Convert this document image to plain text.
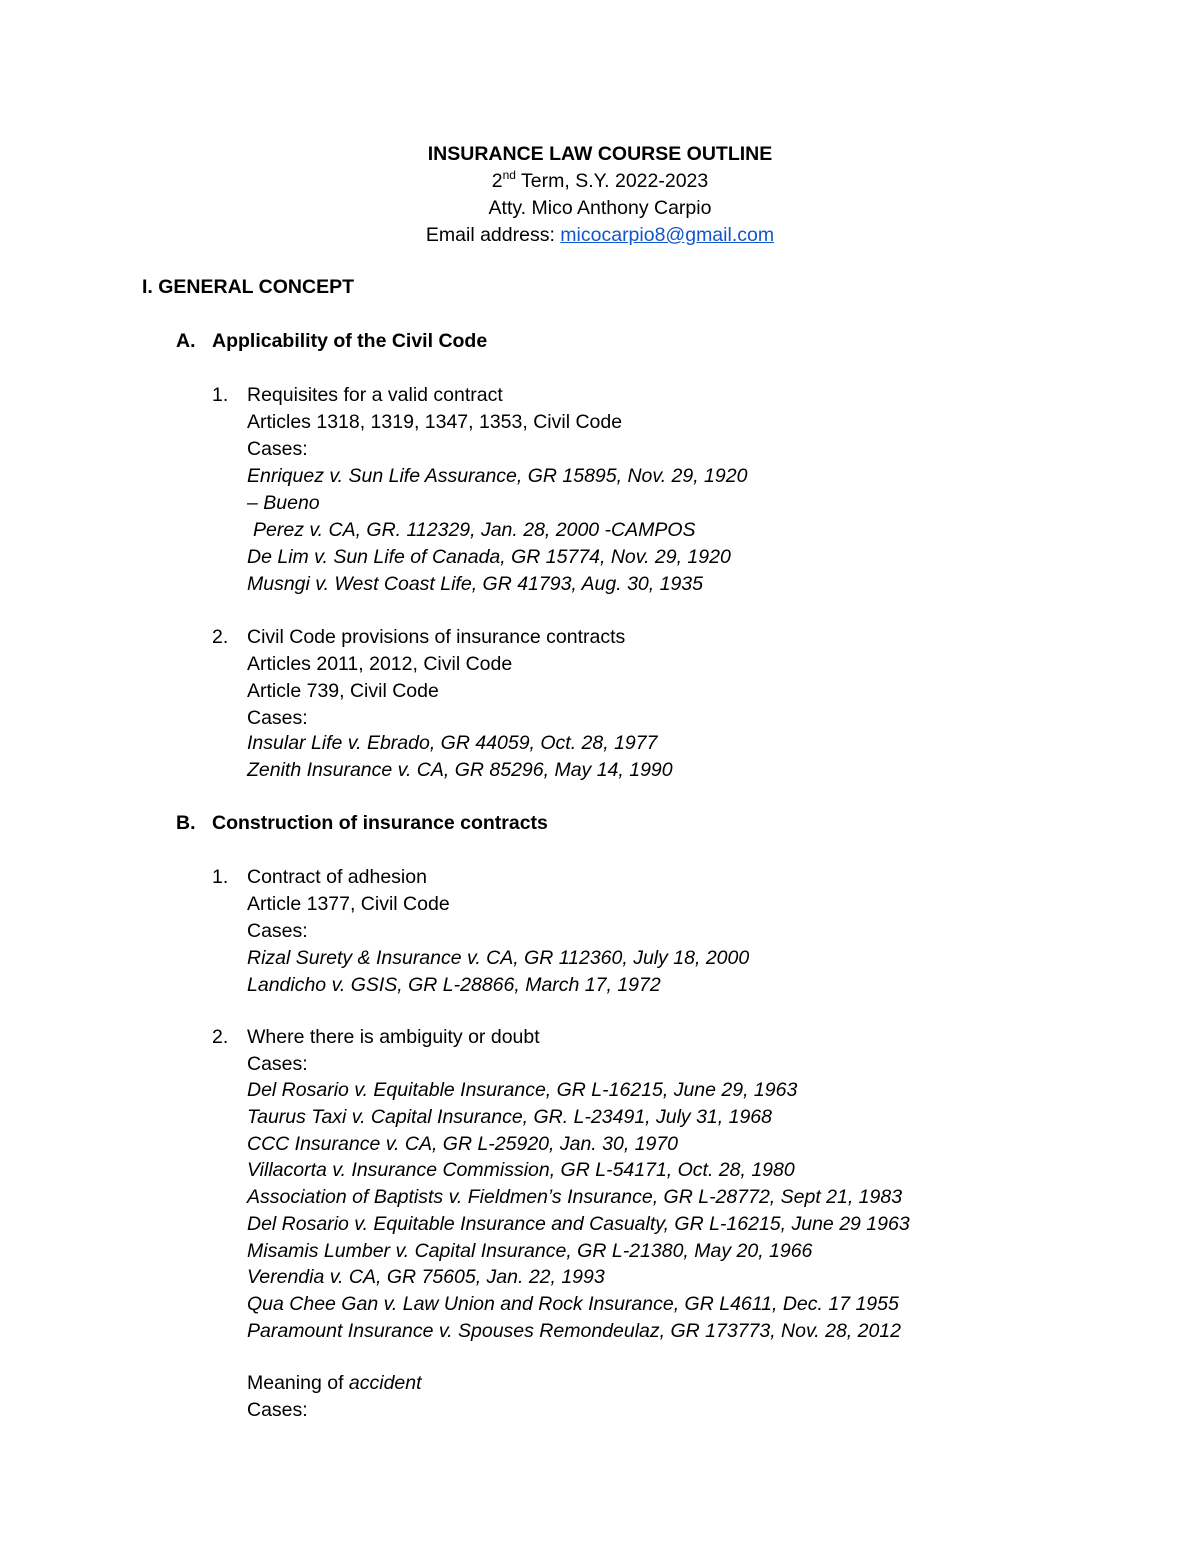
INSURANCE LAW COURSE OUTLINE
2nd Term, S.Y. 2022-2023
Atty. Mico Anthony Carpio
Email address: micocarpio8@gmail.com
I. GENERAL CONCEPT
A. Applicability of the Civil Code
1. Requisites for a valid contract
Articles 1318, 1319, 1347, 1353, Civil Code
Cases:
Enriquez v. Sun Life Assurance, GR 15895, Nov. 29, 1920
– Bueno
Perez v. CA, GR. 112329, Jan. 28, 2000 -CAMPOS
De Lim v. Sun Life of Canada, GR 15774, Nov. 29, 1920
Musngi v. West Coast Life, GR 41793, Aug. 30, 1935
2. Civil Code provisions of insurance contracts
Articles 2011, 2012, Civil Code
Article 739, Civil Code
Cases:
Insular Life v. Ebrado, GR 44059, Oct. 28, 1977
Zenith Insurance v. CA, GR 85296, May 14, 1990
B. Construction of insurance contracts
1. Contract of adhesion
Article 1377, Civil Code
Cases:
Rizal Surety & Insurance v. CA, GR 112360, July 18, 2000
Landicho v. GSIS, GR L-28866, March 17, 1972
2. Where there is ambiguity or doubt
Cases:
Del Rosario v. Equitable Insurance, GR L-16215, June 29, 1963
Taurus Taxi v. Capital Insurance, GR. L-23491, July 31, 1968
CCC Insurance v. CA, GR L-25920, Jan. 30, 1970
Villacorta v. Insurance Commission, GR L-54171, Oct. 28, 1980
Association of Baptists v. Fieldmen’s Insurance, GR L-28772, Sept 21, 1983
Del Rosario v. Equitable Insurance and Casualty, GR L-16215, June 29 1963
Misamis Lumber v. Capital Insurance, GR L-21380, May 20, 1966
Verendia v. CA, GR 75605, Jan. 22, 1993
Qua Chee Gan v. Law Union and Rock Insurance, GR L4611, Dec. 17 1955
Paramount Insurance v. Spouses Remondeulaz, GR 173773, Nov. 28, 2012
Meaning of accident
Cases:
